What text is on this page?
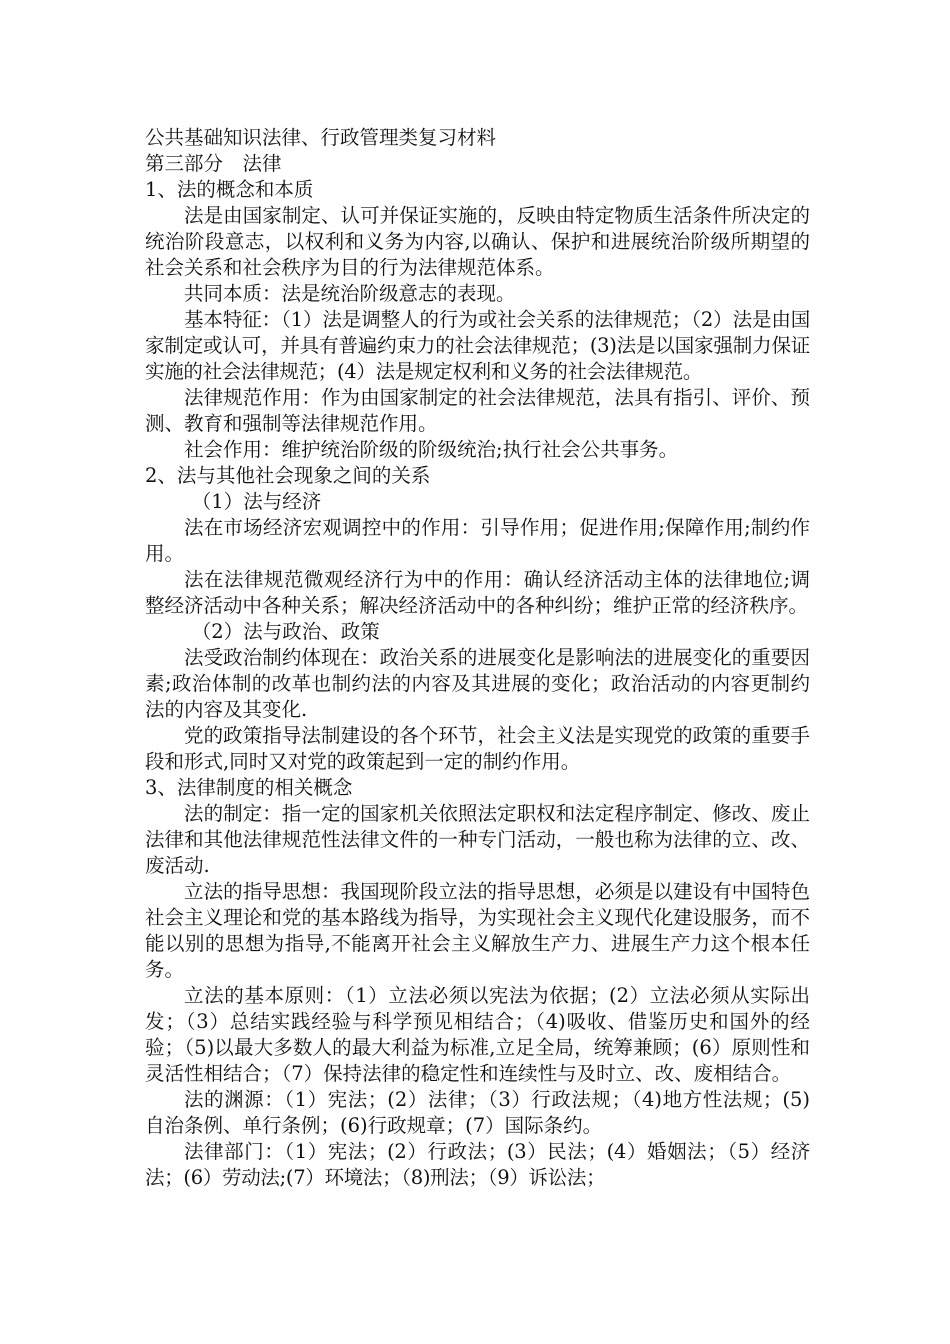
公共基础知识法律、行政管理类复习材料

第三部分　法律

1、法的概念和本质

法是由国家制定、认可并保证实施的，反映由特定物质生活条件所决定的统治阶段意志，以权利和义务为内容,以确认、保护和进展统治阶级所期望的社会关系和社会秩序为目的行为法律规范体系。

共同本质：法是统治阶级意志的表现。

基本特征：（1）法是调整人的行为或社会关系的法律规范；（2）法是由国家制定或认可，并具有普遍约束力的社会法律规范；(3)法是以国家强制力保证实施的社会法律规范；(4）法是规定权利和义务的社会法律规范。

法律规范作用：作为由国家制定的社会法律规范，法具有指引、评价、预测、教育和强制等法律规范作用。

社会作用：维护统治阶级的阶级统治;执行社会公共事务。

2、法与其他社会现象之间的关系

（1）法与经济

法在市场经济宏观调控中的作用：引导作用；促进作用;保障作用;制约作用。

法在法律规范微观经济行为中的作用：确认经济活动主体的法律地位;调整经济活动中各种关系；解决经济活动中的各种纠纷；维护正常的经济秩序。

（2）法与政治、政策

法受政治制约体现在：政治关系的进展变化是影响法的进展变化的重要因素;政治体制的改革也制约法的内容及其进展的变化；政治活动的内容更制约法的内容及其变化.

党的政策指导法制建设的各个环节，社会主义法是实现党的政策的重要手段和形式,同时又对党的政策起到一定的制约作用。

3、法律制度的相关概念

法的制定：指一定的国家机关依照法定职权和法定程序制定、修改、废止法律和其他法律规范性法律文件的一种专门活动，一般也称为法律的立、改、废活动.

立法的指导思想：我国现阶段立法的指导思想，必须是以建设有中国特色社会主义理论和党的基本路线为指导，为实现社会主义现代化建设服务，而不能以别的思想为指导,不能离开社会主义解放生产力、进展生产力这个根本任务。

立法的基本原则：（1）立法必须以宪法为依据；(2）立法必须从实际出发；（3）总结实践经验与科学预见相结合；（4)吸收、借鉴历史和国外的经验；（5)以最大多数人的最大利益为标准,立足全局，统筹兼顾；(6）原则性和灵活性相结合；（7）保持法律的稳定性和连续性与及时立、改、废相结合。

法的渊源：（1）宪法；(2）法律；（3）行政法规；（4)地方性法规；(5)自治条例、单行条例；(6)行政规章；(7）国际条约。

法律部门：（1）宪法；(2）行政法；(3）民法；(4）婚姻法；（5）经济法；(6）劳动法;(7）环境法；（8)刑法；（9）诉讼法；
